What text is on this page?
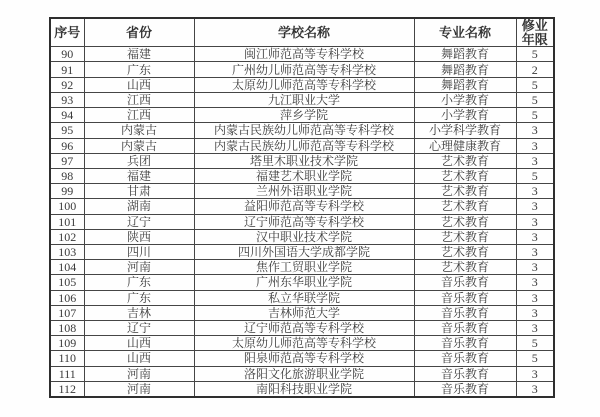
序号	省份	学校名称	专业名称	修业年限
90	福建	闽江师范高等专科学校	舞蹈教育	5
91	广东	广州幼儿师范高等专科学校	舞蹈教育	2
92	山西	太原幼儿师范高等专科学校	舞蹈教育	5
93	江西	九江职业大学	小学教育	5
94	江西	萍乡学院	小学教育	5
95	内蒙古	内蒙古民族幼儿师范高等专科学校	小学科学教育	3
96	内蒙古	内蒙古民族幼儿师范高等专科学校	心理健康教育	3
97	兵团	塔里木职业技术学院	艺术教育	3
98	福建	福建艺术职业学院	艺术教育	5
99	甘肃	兰州外语职业学院	艺术教育	3
100	湖南	益阳师范高等专科学校	艺术教育	3
101	辽宁	辽宁师范高等专科学校	艺术教育	3
102	陕西	汉中职业技术学院	艺术教育	3
103	四川	四川外国语大学成都学院	艺术教育	3
104	河南	焦作工贸职业学院	艺术教育	3
105	广东	广州东华职业学院	音乐教育	3
106	广东	私立华联学院	音乐教育	3
107	吉林	吉林师范大学	音乐教育	3
108	辽宁	辽宁师范高等专科学校	音乐教育	3
109	山西	太原幼儿师范高等专科学校	音乐教育	5
110	山西	阳泉师范高等专科学校	音乐教育	5
111	河南	洛阳文化旅游职业学院	音乐教育	3
112	河南	南阳科技职业学院	音乐教育	3
